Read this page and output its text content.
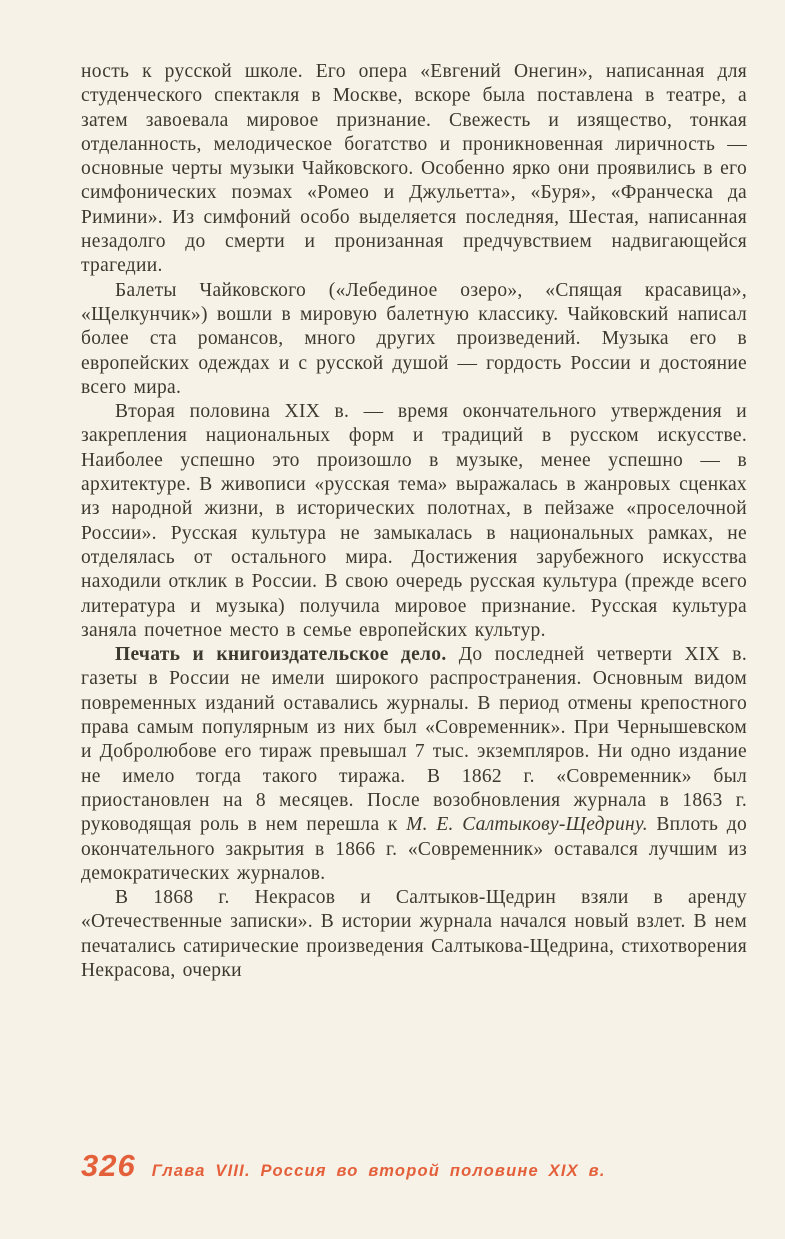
ность к русской школе. Его опера «Евгений Онегин», написанная для студенческого спектакля в Москве, вскоре была поставлена в театре, а затем завоевала мировое признание. Свежесть и изящество, тонкая отделанность, мелодическое богатство и проникновенная лиричность — основные черты музыки Чайковского. Особенно ярко они проявились в его симфонических поэмах «Ромео и Джульетта», «Буря», «Франческа да Римини». Из симфоний особо выделяется последняя, Шестая, написанная незадолго до смерти и пронизанная предчувствием надвигающейся трагедии.

Балеты Чайковского («Лебединое озеро», «Спящая красавица», «Щелкунчик») вошли в мировую балетную классику. Чайковский написал более ста романсов, много других произведений. Музыка его в европейских одеждах и с русской душой — гордость России и достояние всего мира.

Вторая половина XIX в. — время окончательного утверждения и закрепления национальных форм и традиций в русском искусстве. Наиболее успешно это произошло в музыке, менее успешно — в архитектуре. В живописи «русская тема» выражалась в жанровых сценках из народной жизни, в исторических полотнах, в пейзаже «проселочной России». Русская культура не замыкалась в национальных рамках, не отделялась от остального мира. Достижения зарубежного искусства находили отклик в России. В свою очередь русская культура (прежде всего литература и музыка) получила мировое признание. Русская культура заняла почетное место в семье европейских культур.

Печать и книгоиздательское дело. До последней четверти XIX в. газеты в России не имели широкого распространения. Основным видом повременных изданий оставались журналы. В период отмены крепостного права самым популярным из них был «Современник». При Чернышевском и Добролюбове его тираж превышал 7 тыс. экземпляров. Ни одно издание не имело тогда такого тиража. В 1862 г. «Современник» был приостановлен на 8 месяцев. После возобновления журнала в 1863 г. руководящая роль в нем перешла к М. Е. Салтыкову-Щедрину. Вплоть до окончательного закрытия в 1866 г. «Современник» оставался лучшим из демократических журналов.

В 1868 г. Некрасов и Салтыков-Щедрин взяли в аренду «Отечественные записки». В истории журнала начался новый взлет. В нем печатались сатирические произведения Салтыкова-Щедрина, стихотворения Некрасова, очерки

326 Глава VIII. Россия во второй половине XIX в.
